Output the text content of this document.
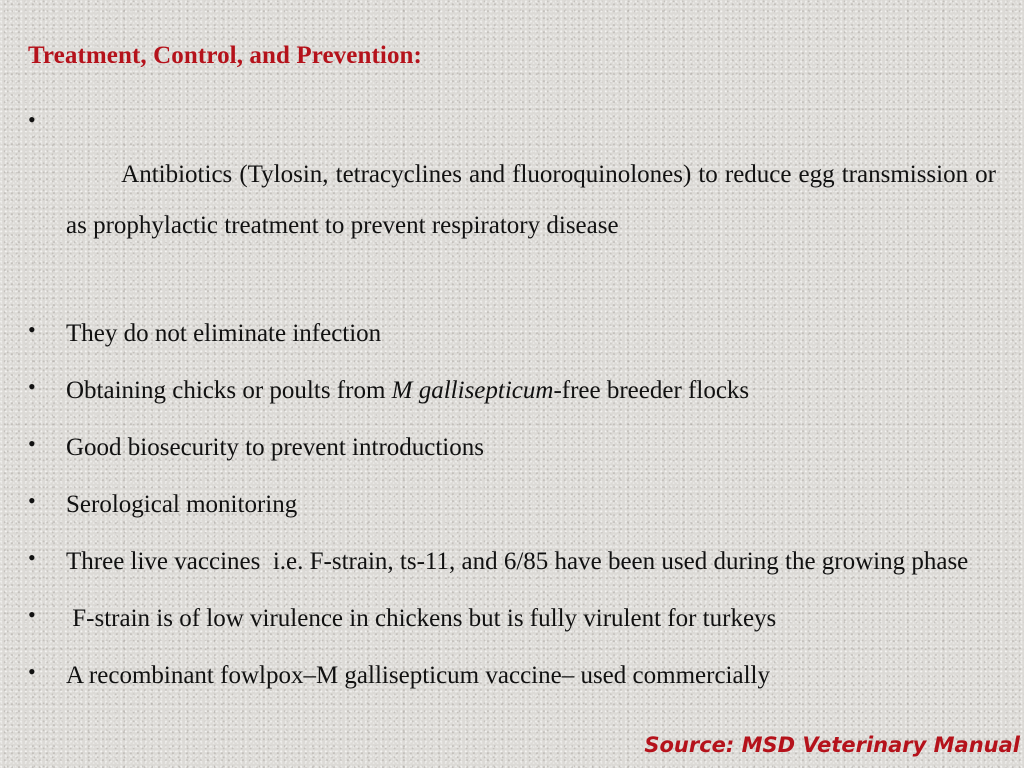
Treatment, Control, and Prevention:

•
Antibiotics (Tylosin, tetracyclines and fluoroquinolones) to reduce egg transmission or as prophylactic treatment to prevent respiratory disease

• They do not eliminate infection
• Obtaining chicks or poults from M gallisepticum-free breeder flocks
• Good biosecurity to prevent introductions
• Serological monitoring
• Three live vaccines  i.e. F-strain, ts-11, and 6/85 have been used during the growing phase
• F-strain is of low virulence in chickens but is fully virulent for turkeys
• A recombinant fowlpox–M gallisepticum vaccine– used commercially
Source: MSD Veterinary Manual
